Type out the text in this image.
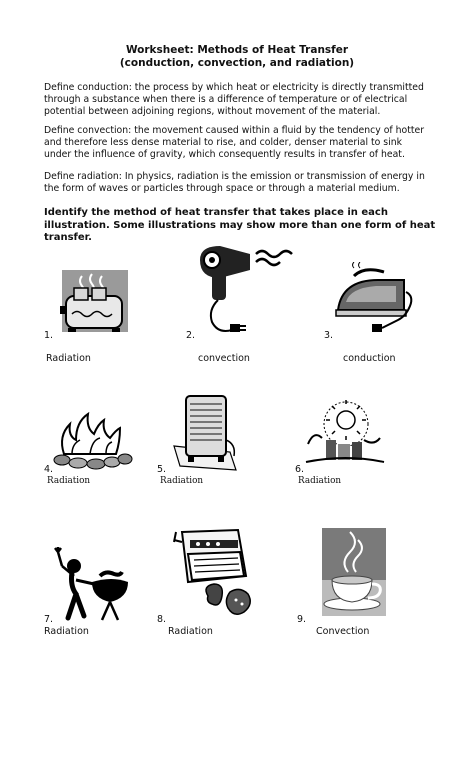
Worksheet: Methods of Heat Transfer
(conduction, convection, and radiation)
Define conduction: the process by which heat or electricity is directly transmitted through a substance when there is a difference of temperature or of electrical potential between adjoining regions, without movement of the material.
Define convection: the movement caused within a fluid by the tendency of hotter and therefore less dense material to rise, and colder, denser material to sink under the influence of gravity, which consequently results in transfer of heat.
Define radiation: In physics, radiation is the emission or transmission of energy in the form of waves or particles through space or through a material medium.
Identify the method of heat transfer that takes place in each illustration. Some illustrations may show more than one form of heat transfer.
1.	2.	3.
Radiation	convection	conduction
4.	5.	6.
Radiation	Radiation	Radiation
7.	8.	9.
Radiation	Radiation	Convection
